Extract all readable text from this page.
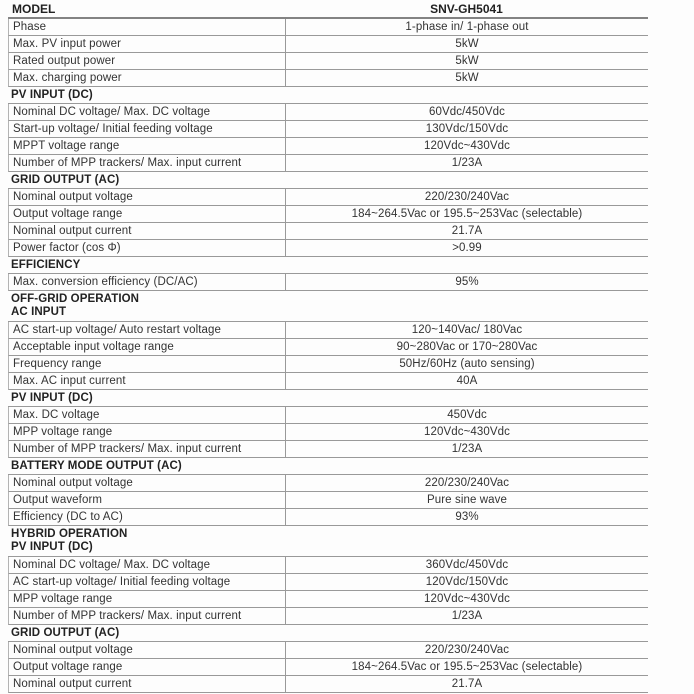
MODEL	SNV-GH5041
Phase	1-phase in/ 1-phase out
Max. PV input power	5kW
Rated output power	5kW
Max. charging power	5kW
PV INPUT (DC)
Nominal DC voltage/ Max. DC voltage	60Vdc/450Vdc
Start-up voltage/ Initial feeding voltage	130Vdc/150Vdc
MPPT voltage range	120Vdc~430Vdc
Number of MPP trackers/ Max. input current	1/23A
GRID OUTPUT (AC)
Nominal output voltage	220/230/240Vac
Output voltage range	184~264.5Vac or 195.5~253Vac (selectable)
Nominal output current	21.7A
Power factor (cos Φ)	>0.99
EFFICIENCY
Max. conversion efficiency (DC/AC)	95%
OFF-GRID OPERATION
AC INPUT
AC start-up voltage/ Auto restart voltage	120~140Vac/ 180Vac
Acceptable input voltage range	90~280Vac or 170~280Vac
Frequency range	50Hz/60Hz (auto sensing)
Max. AC input current	40A
PV INPUT (DC)
Max. DC voltage	450Vdc
MPP voltage range	120Vdc~430Vdc
Number of MPP trackers/ Max. input current	1/23A
BATTERY MODE OUTPUT (AC)
Nominal output voltage	220/230/240Vac
Output waveform	Pure sine wave
Efficiency (DC to AC)	93%
HYBRID OPERATION
PV INPUT (DC)
Nominal DC voltage/ Max. DC voltage	360Vdc/450Vdc
AC start-up voltage/ Initial feeding voltage	120Vdc/150Vdc
MPP voltage range	120Vdc~430Vdc
Number of MPP trackers/ Max. input current	1/23A
GRID OUTPUT (AC)
Nominal output voltage	220/230/240Vac
Output voltage range	184~264.5Vac or 195.5~253Vac (selectable)
Nominal output current	21.7A
